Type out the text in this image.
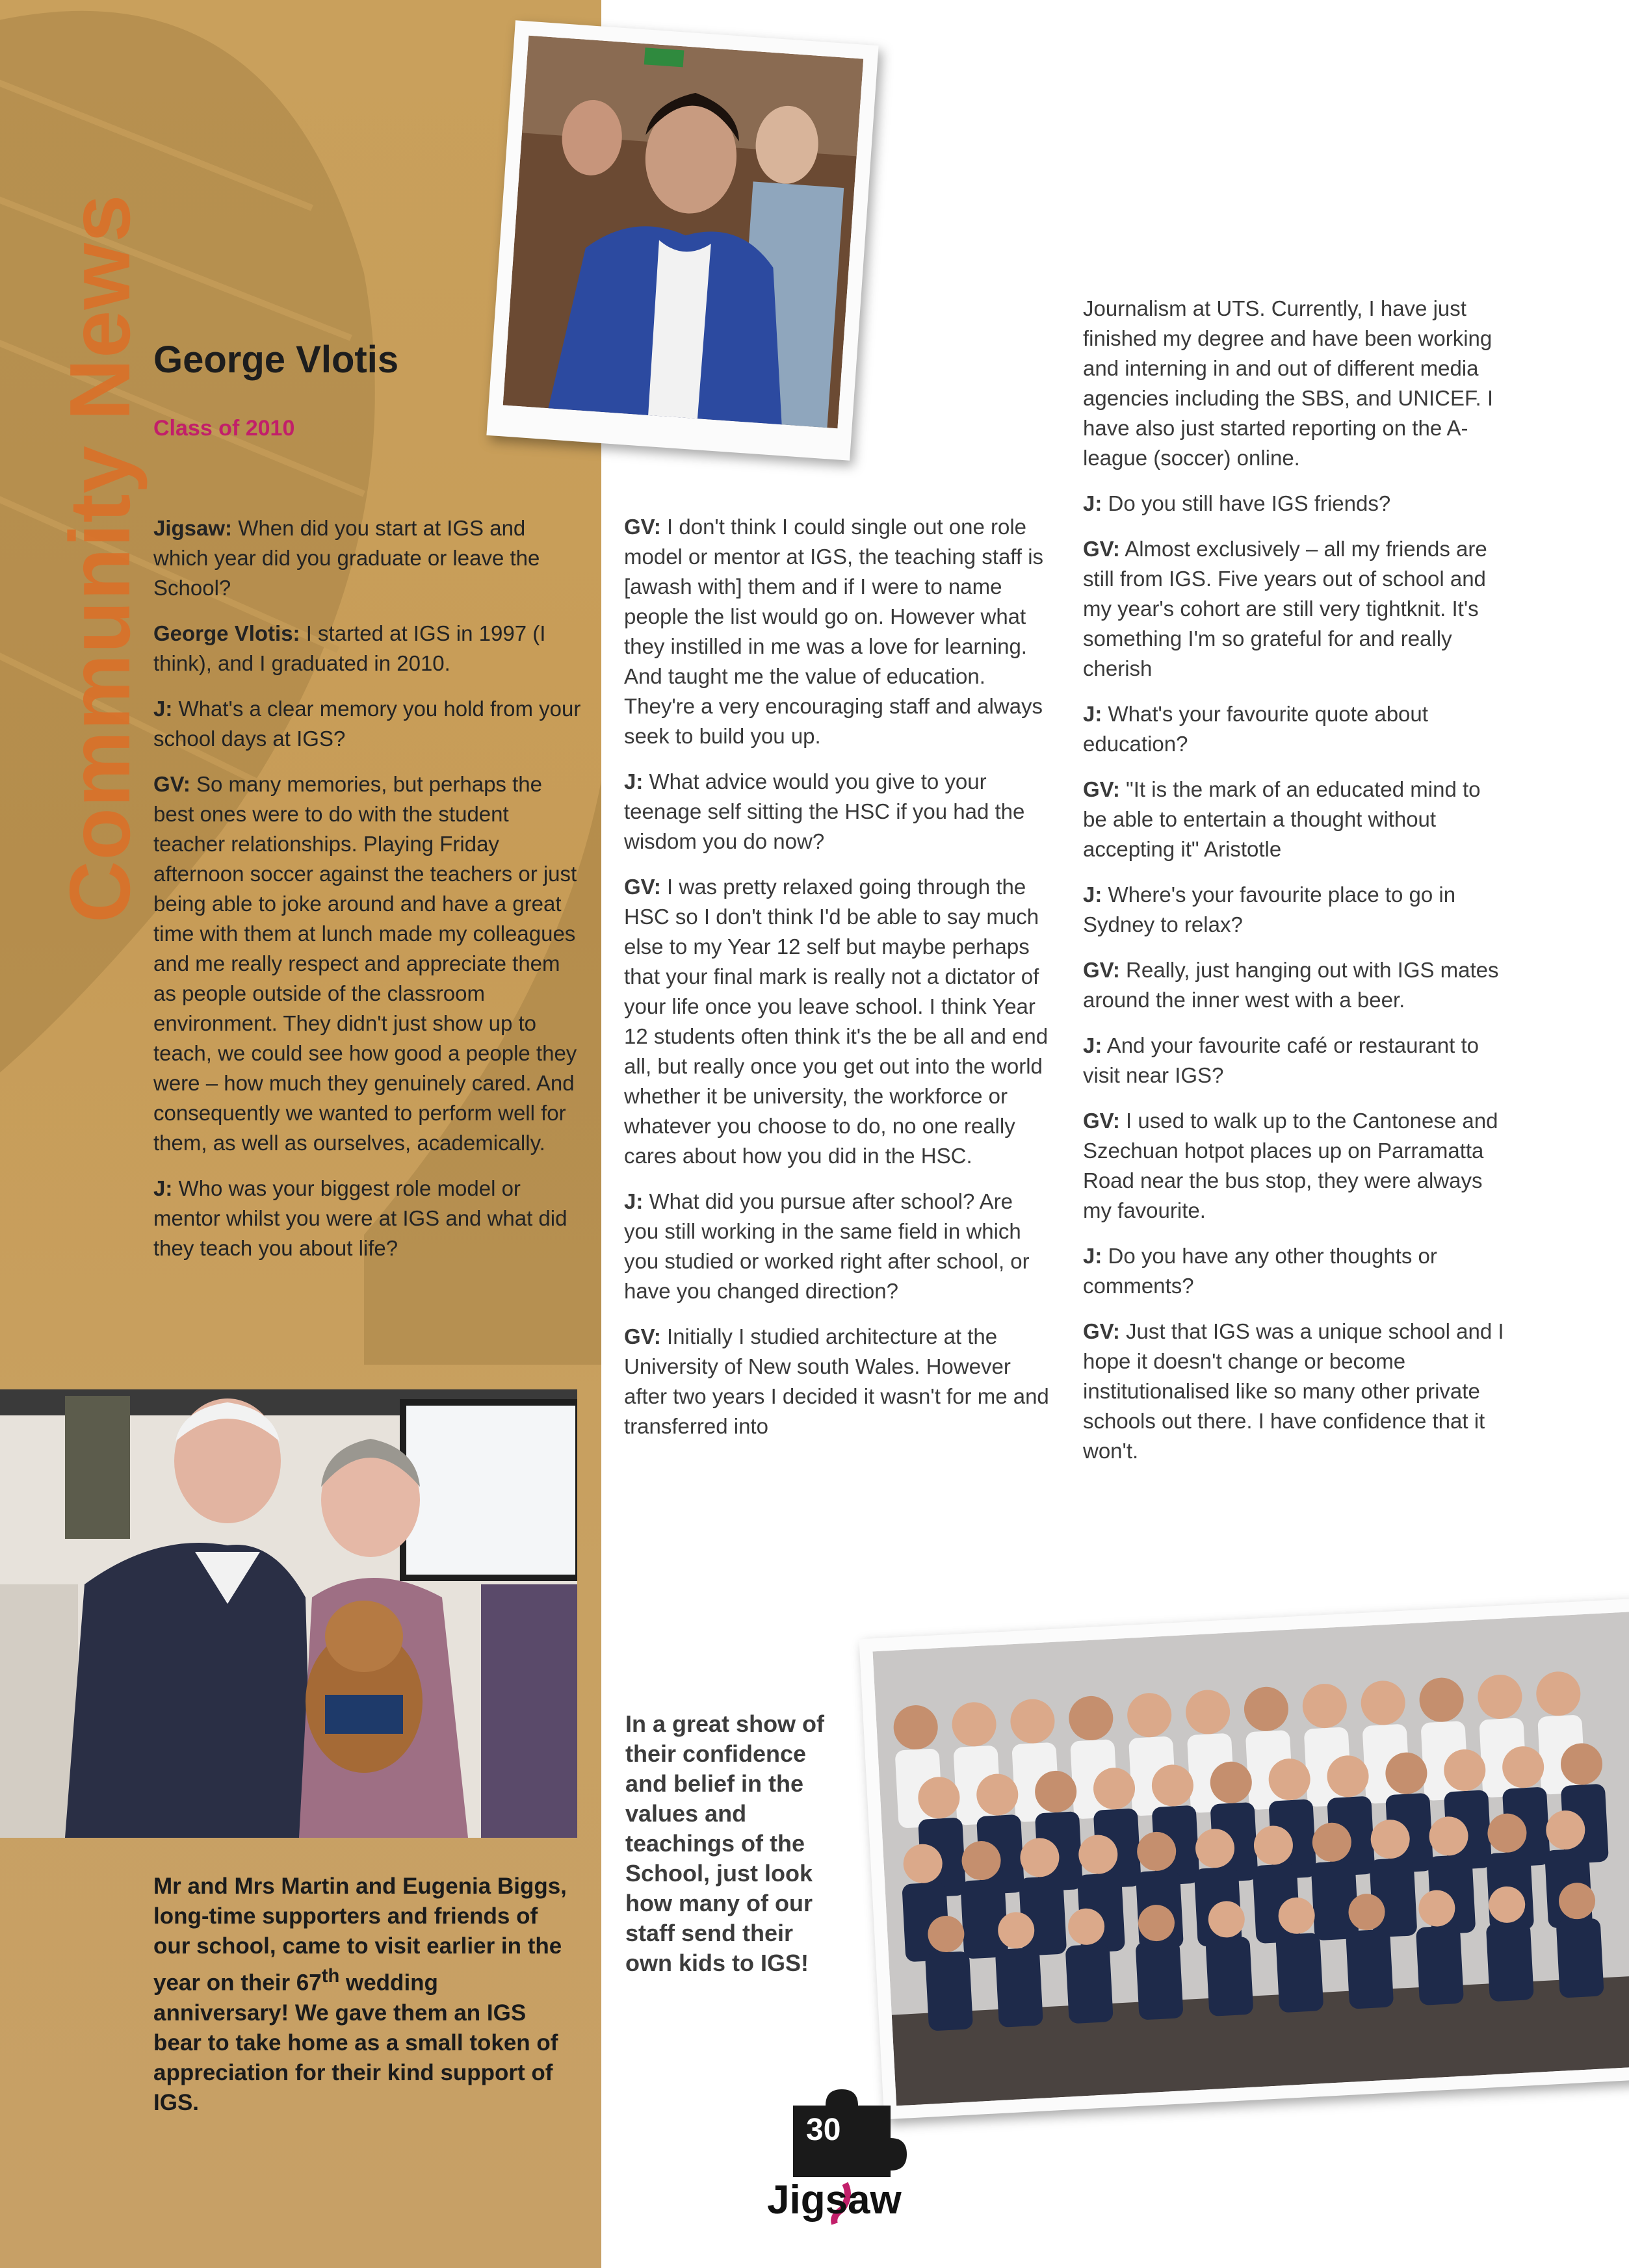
Community News George Vlotis
Class of 2010

Jigsaw: When did you start at IGS and which year did you graduate or leave the School?

George Vlotis: I started at IGS in 1997 (I think), and I graduated in 2010.

J: What's a clear memory you hold from your school days at IGS?

GV: So many memories, but perhaps the best ones were to do with the student teacher relationships. Playing Friday afternoon soccer against the teachers or just being able to joke around and have a great time with them at lunch made my colleagues and me really respect and appreciate them as people outside of the classroom environment. They didn't just show up to teach, we could see how good a people they were – how much they genuinely cared. And consequently we wanted to perform well for them, as well as ourselves, academically.

J: Who was your biggest role model or mentor whilst you were at IGS and what did they teach you about life?

GV: I don't think I could single out one role model or mentor at IGS, the teaching staff is [awash with] them and if I were to name people the list would go on. However what they instilled in me was a love for learning. And taught me the value of education. They're a very encouraging staff and always seek to build you up.

J: What advice would you give to your teenage self sitting the HSC if you had the wisdom you do now?

GV: I was pretty relaxed going through the HSC so I don't think I'd be able to say much else to my Year 12 self but maybe perhaps that your final mark is really not a dictator of your life once you leave school. I think Year 12 students often think it's the be all and end all, but really once you get out into the world whether it be university, the workforce or whatever you choose to do, no one really cares about how you did in the HSC.

J: What did you pursue after school? Are you still working in the same field in which you studied or worked right after school, or have you changed direction?

GV: Initially I studied architecture at the University of New south Wales. However after two years I decided it wasn't for me and transferred into

Journalism at UTS. Currently, I have just finished my degree and have been working and interning in and out of different media agencies including the SBS, and UNICEF. I have also just started reporting on the A-league (soccer) online.

J: Do you still have IGS friends?

GV: Almost exclusively – all my friends are still from IGS. Five years out of school and my year's cohort are still very tightknit. It's something I'm so grateful for and really cherish

J: What's your favourite quote about education?

GV: "It is the mark of an educated mind to be able to entertain a thought without accepting it" Aristotle

J: Where's your favourite place to go in Sydney to relax?

GV: Really, just hanging out with IGS mates around the inner west with a beer.

J: And your favourite café or restaurant to visit near IGS?

GV: I used to walk up to the Cantonese and Szechuan hotpot places up on Parramatta Road near the bus stop, they were always my favourite.

J: Do you have any other thoughts or comments?

GV: Just that IGS was a unique school and I hope it doesn't change or become institutionalised like so many other private schools out there. I have confidence that it won't.

Mr and Mrs Martin and Eugenia Biggs, long-time supporters and friends of our school, came to visit earlier in the year on their 67th wedding anniversary! We gave them an IGS bear to take home as a small token of appreciation for their kind support of IGS.
In a great show of their confidence and belief in the values and teachings of the School, just look how many of our staff send their own kids to IGS!
30
Jigsaw
